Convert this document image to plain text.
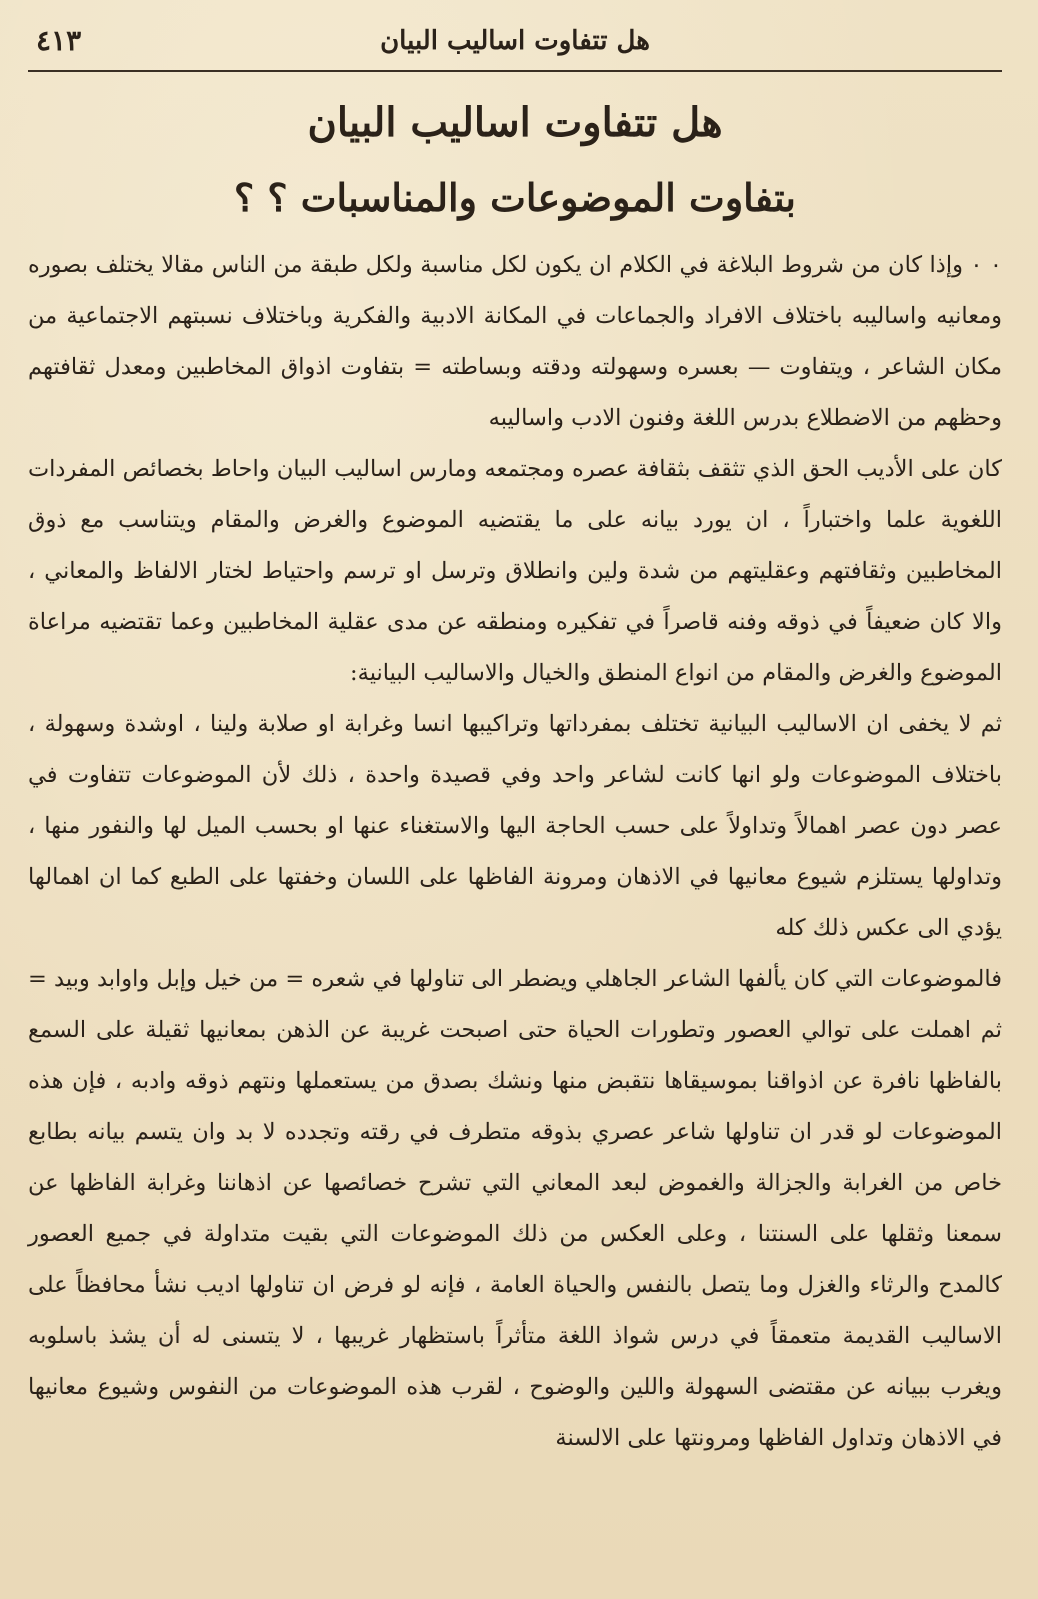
هل تتفاوت اساليب البيان
٤١٣
هل تتفاوت اساليب البيان
بتفاوت الموضوعات والمناسبات ؟ ؟

٠ ٠ وإذا كان من شروط البلاغة في الكلام ان يكون لكل مناسبة ولكل طبقة من الناس مقالا يختلف بصوره ومعانيه واساليبه باختلاف الافراد والجماعات في المكانة الادبية والفكرية وباختلاف نسبتهم الاجتماعية من مكان الشاعر ، ويتفاوت — بعسره وسهولته ودقته وبساطته = بتفاوت اذواق المخاطبين ومعدل ثقافتهم وحظهم من الاضطلاع بدرس اللغة وفنون الادب واساليبه

كان على الأديب الحق الذي تثقف بثقافة عصره ومجتمعه ومارس اساليب البيان واحاط بخصائص المفردات اللغوية علما واختباراً ، ان يورد بيانه على ما يقتضيه الموضوع والغرض والمقام ويتناسب مع ذوق المخاطبين وثقافتهم وعقليتهم من شدة ولين وانطلاق وترسل او ترسم واحتياط لختار الالفاظ والمعاني ، والا كان ضعيفاً في ذوقه وفنه قاصراً في تفكيره ومنطقه عن مدى عقلية المخاطبين وعما تقتضيه مراعاة الموضوع والغرض والمقام من انواع المنطق والخيال والاساليب البيانية:

ثم لا يخفى ان الاساليب البيانية تختلف بمفرداتها وتراكيبها انسا وغرابة او صلابة ولينا ، اوشدة وسهولة ، باختلاف الموضوعات ولو انها كانت لشاعر واحد وفي قصيدة واحدة ، ذلك لأن الموضوعات تتفاوت في عصر دون عصر اهمالاً وتداولاً على حسب الحاجة اليها والاستغناء عنها او بحسب الميل لها والنفور منها ، وتداولها يستلزم شيوع معانيها في الاذهان ومرونة الفاظها على اللسان وخفتها على الطبع كما ان اهمالها يؤدي الى عكس ذلك كله

فالموضوعات التي كان يألفها الشاعر الجاهلي ويضطر الى تناولها في شعره = من خيل وإبل واوابد وبيد = ثم اهملت على توالي العصور وتطورات الحياة حتى اصبحت غريبة عن الذهن بمعانيها ثقيلة على السمع بالفاظها نافرة عن اذواقنا بموسيقاها نتقبض منها ونشك بصدق من يستعملها ونتهم ذوقه وادبه ، فإن هذه الموضوعات لو قدر ان تناولها شاعر عصري بذوقه متطرف في رقته وتجدده لا بد وان يتسم بيانه بطابع خاص من الغرابة والجزالة والغموض لبعد المعاني التي تشرح خصائصها عن اذهاننا وغرابة الفاظها عن سمعنا وثقلها على السنتنا ، وعلى العكس من ذلك الموضوعات التي بقيت متداولة في جميع العصور كالمدح والرثاء والغزل وما يتصل بالنفس والحياة العامة ، فإنه لو فرض ان تناولها اديب نشأ محافظاً على الاساليب القديمة متعمقاً في درس شواذ اللغة متأثراً باستظهار غريبها ، لا يتسنى له أن يشذ باسلوبه ويغرب ببيانه عن مقتضى السهولة واللين والوضوح ، لقرب هذه الموضوعات من النفوس وشيوع معانيها في الاذهان وتداول الفاظها ومرونتها على الالسنة
